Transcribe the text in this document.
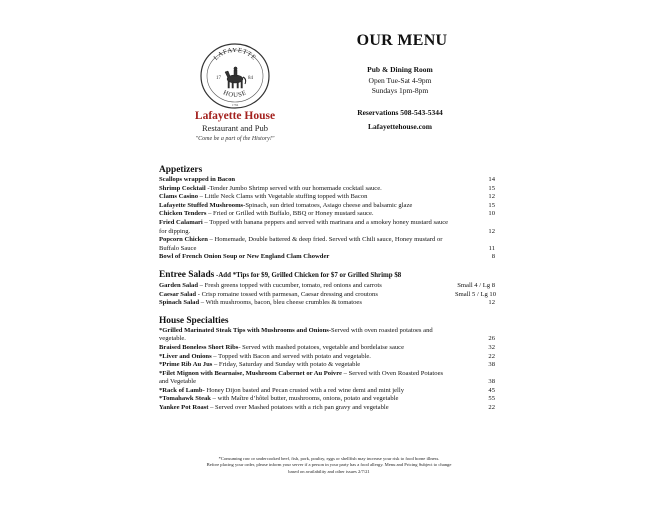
LAFAYETTE
HOUSE
17	84
1784
Lafayette House
Restaurant and Pub
"Come be a part of the History!"
OUR MENU
Pub & Dining Room
Open Tue-Sat 4-9pm
Sundays 1pm-8pm
Reservations 508-543-5344
Lafayettehouse.com
Appetizers
Scallops wrapped in Bacon	14
Shrimp Cocktail -Tender Jumbo Shrimp served with our homemade cocktail sauce.	15
Clams Casino – Little Neck Clams with Vegetable stuffing topped with Bacon	12
Lafayette Stuffed Mushrooms-Spinach, sun dried tomatoes, Asiago cheese and balsamic glaze	15
Chicken Tenders – Fried or Grilled with Buffalo, BBQ or Honey mustard sauce.	10
Fried Calamari – Topped with banana peppers and served with marinara and a smokey honey mustard sauce for dipping.	12
Popcorn Chicken – Homemade, Double battered & deep fried. Served with Chili sauce, Honey mustard or Buffalo Sauce	11
Bowl of French Onion Soup or New England Clam Chowder	8
Entree Salads -Add *Tips for $9, Grilled Chicken for $7 or Grilled Shrimp $8
Garden Salad – Fresh greens topped with cucumber, tomato, red onions and carrots	Small 4 / Lg 8
Caesar Salad - Crisp romaine tossed with parmesan, Caesar dressing and croutons	Small 5 / Lg 10
Spinach Salad – With mushrooms, bacon, bleu cheese crumbles & tomatoes	12
House Specialties
*Grilled Marinated Steak Tips with Mushrooms and Onions-Served with oven roasted potatoes and vegetable.	26
Braised Boneless Short Ribs- Served with mashed potatoes, vegetable and bordelaise sauce	32
*Liver and Onions – Topped with Bacon and served with potato and vegetable.	22
*Prime Rib Au Jus – Friday, Saturday and Sunday with potato & vegetable	38
*Filet Mignon with Bearnaise, Mushroom Cabernet or Au Poivre – Served with Oven Roasted Potatoes and Vegetable	38
*Rack of Lamb- Honey Dijon basted and Pecan crusted with a red wine demi and mint jelly	45
*Tomahawk Steak – with Maître d’hôtel butter, mushrooms, onions, potato and vegetable	55
Yankee Pot Roast – Served over Mashed potatoes with a rich pan gravy and vegetable	22
*Consuming raw or undercooked beef, fish, pork, poultry, eggs or shellfish may increase your risk to food borne illness.
Before placing your order, please inform your server if a person in your party has a food allergy. Menu and Pricing Subject to change
based on availability and other issues 2/7/21
